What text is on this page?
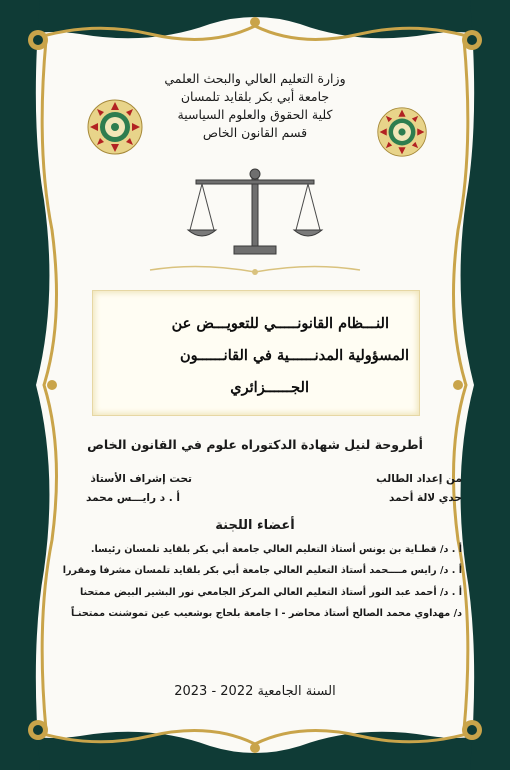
وزارة التعليم العالي والبحث العلمي
جامعة أبي بكر بلقايد تلمسان
كلية الحقوق والعلوم السياسية
قسم القانون الخاص
النـــظام القانونـــــي للتعويـــض عن
المسؤولية المدنــــــية في القانــــــون
الجــــــزائري
أطروحة لنيل شهادة الدكتوراه علوم في القانون الخاص
من إعداد الطالب
حدي لالة أحمد
تحت إشراف الأستاذ
أ . د رايـــس محمد
أعضاء اللجنة
أ . د/ قطـاية بن يونس أستاذ التعليم العالي جامعة أبي بكر بلقايد تلمسان رئيسا.
أ . د/ رايس مــــحمد أستاذ التعليم العالي جامعة أبي بكر بلقايد تلمسان مشرفا ومقررا
أ . د/ أحمد عبد النور أستاذ التعليم العالي المركز الجامعي نور البشير البيض ممتحنا
د/ مهداوي محمد الصالح أستاذ محاضر - ا جامعة بلحاج بوشعيب عين تموشنت ممتحنـاً
السنة الجامعية 2022 - 2023
